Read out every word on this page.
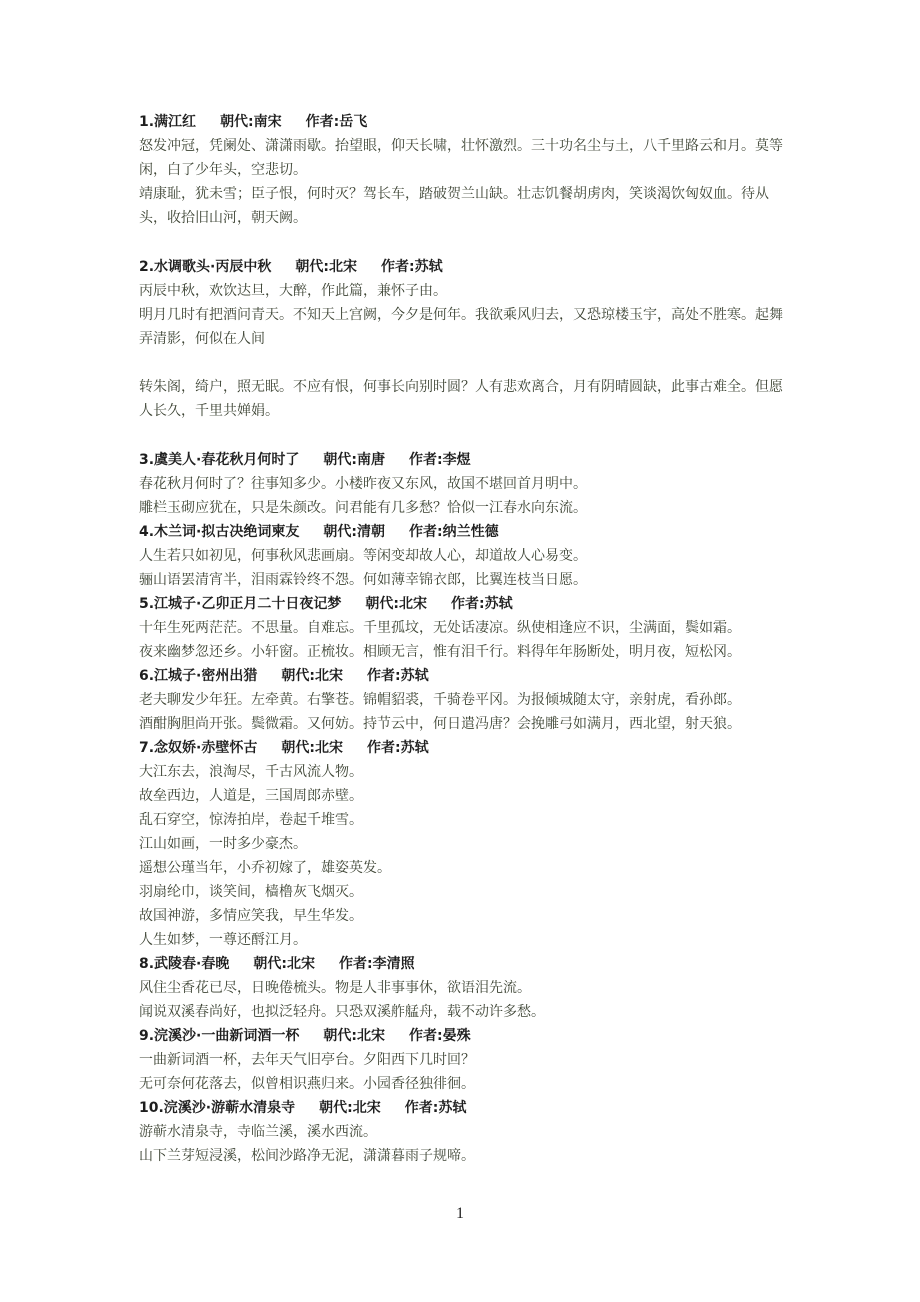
1.满江红 朝代:南宋 作者:岳飞
怒发冲冠，凭阑处、潇潇雨歇。抬望眼，仰天长啸，壮怀激烈。三十功名尘与土，八千里路云和月。莫等闲，白了少年头，空悲切。
靖康耻，犹未雪；臣子恨，何时灭？驾长车，踏破贺兰山缺。壮志饥餐胡虏肉，笑谈渴饮匈奴血。待从头，收拾旧山河，朝天阙。
2.水调歌头·丙辰中秋 朝代:北宋 作者:苏轼
丙辰中秋，欢饮达旦，大醉，作此篇，兼怀子由。
明月几时有把酒问青天。不知天上宫阙，今夕是何年。我欲乘风归去，又恐琼楼玉宇，高处不胜寒。起舞弄清影，何似在人间
转朱阁，绮户，照无眠。不应有恨，何事长向别时圆？人有悲欢离合，月有阴晴圆缺，此事古难全。但愿人长久，千里共婵娟。
3.虞美人·春花秋月何时了 朝代:南唐 作者:李煜
春花秋月何时了？往事知多少。小楼昨夜又东风，故国不堪回首月明中。
雕栏玉砌应犹在，只是朱颜改。问君能有几多愁？恰似一江春水向东流。
4.木兰词·拟古决绝词柬友 朝代:清朝 作者:纳兰性德
人生若只如初见，何事秋风悲画扇。等闲变却故人心，却道故人心易变。
骊山语罢清宵半，泪雨霖铃终不怨。何如薄幸锦衣郎，比翼连枝当日愿。
5.江城子·乙卯正月二十日夜记梦 朝代:北宋 作者:苏轼
十年生死两茫茫。不思量。自难忘。千里孤坟，无处话凄凉。纵使相逢应不识，尘满面，鬓如霜。
夜来幽梦忽还乡。小轩窗。正梳妆。相顾无言，惟有泪千行。料得年年肠断处，明月夜，短松冈。
6.江城子·密州出猎 朝代:北宋 作者:苏轼
老夫聊发少年狂。左牵黄。右擎苍。锦帽貂裘，千骑卷平冈。为报倾城随太守，亲射虎，看孙郎。
酒酣胸胆尚开张。鬓微霜。又何妨。持节云中，何日遣冯唐？会挽雕弓如满月，西北望，射天狼。
7.念奴娇·赤壁怀古 朝代:北宋 作者:苏轼
大江东去，浪淘尽，千古风流人物。
故垒西边，人道是，三国周郎赤壁。
乱石穿空，惊涛拍岸，卷起千堆雪。
江山如画，一时多少豪杰。
遥想公瑾当年，小乔初嫁了，雄姿英发。
羽扇纶巾，谈笑间，樯橹灰飞烟灭。
故国神游，多情应笑我，早生华发。
人生如梦，一尊还酹江月。
8.武陵春·春晚 朝代:北宋 作者:李清照
风住尘香花已尽，日晚倦梳头。物是人非事事休，欲语泪先流。
闻说双溪春尚好，也拟泛轻舟。只恐双溪舴艋舟，载不动许多愁。
9.浣溪沙·一曲新词酒一杯 朝代:北宋 作者:晏殊
一曲新词酒一杯，去年天气旧亭台。夕阳西下几时回？
无可奈何花落去，似曾相识燕归来。小园香径独徘徊。
10.浣溪沙·游蕲水清泉寺 朝代:北宋 作者:苏轼
游蕲水清泉寺，寺临兰溪，溪水西流。
山下兰芽短浸溪，松间沙路净无泥，潇潇暮雨子规啼。
1
